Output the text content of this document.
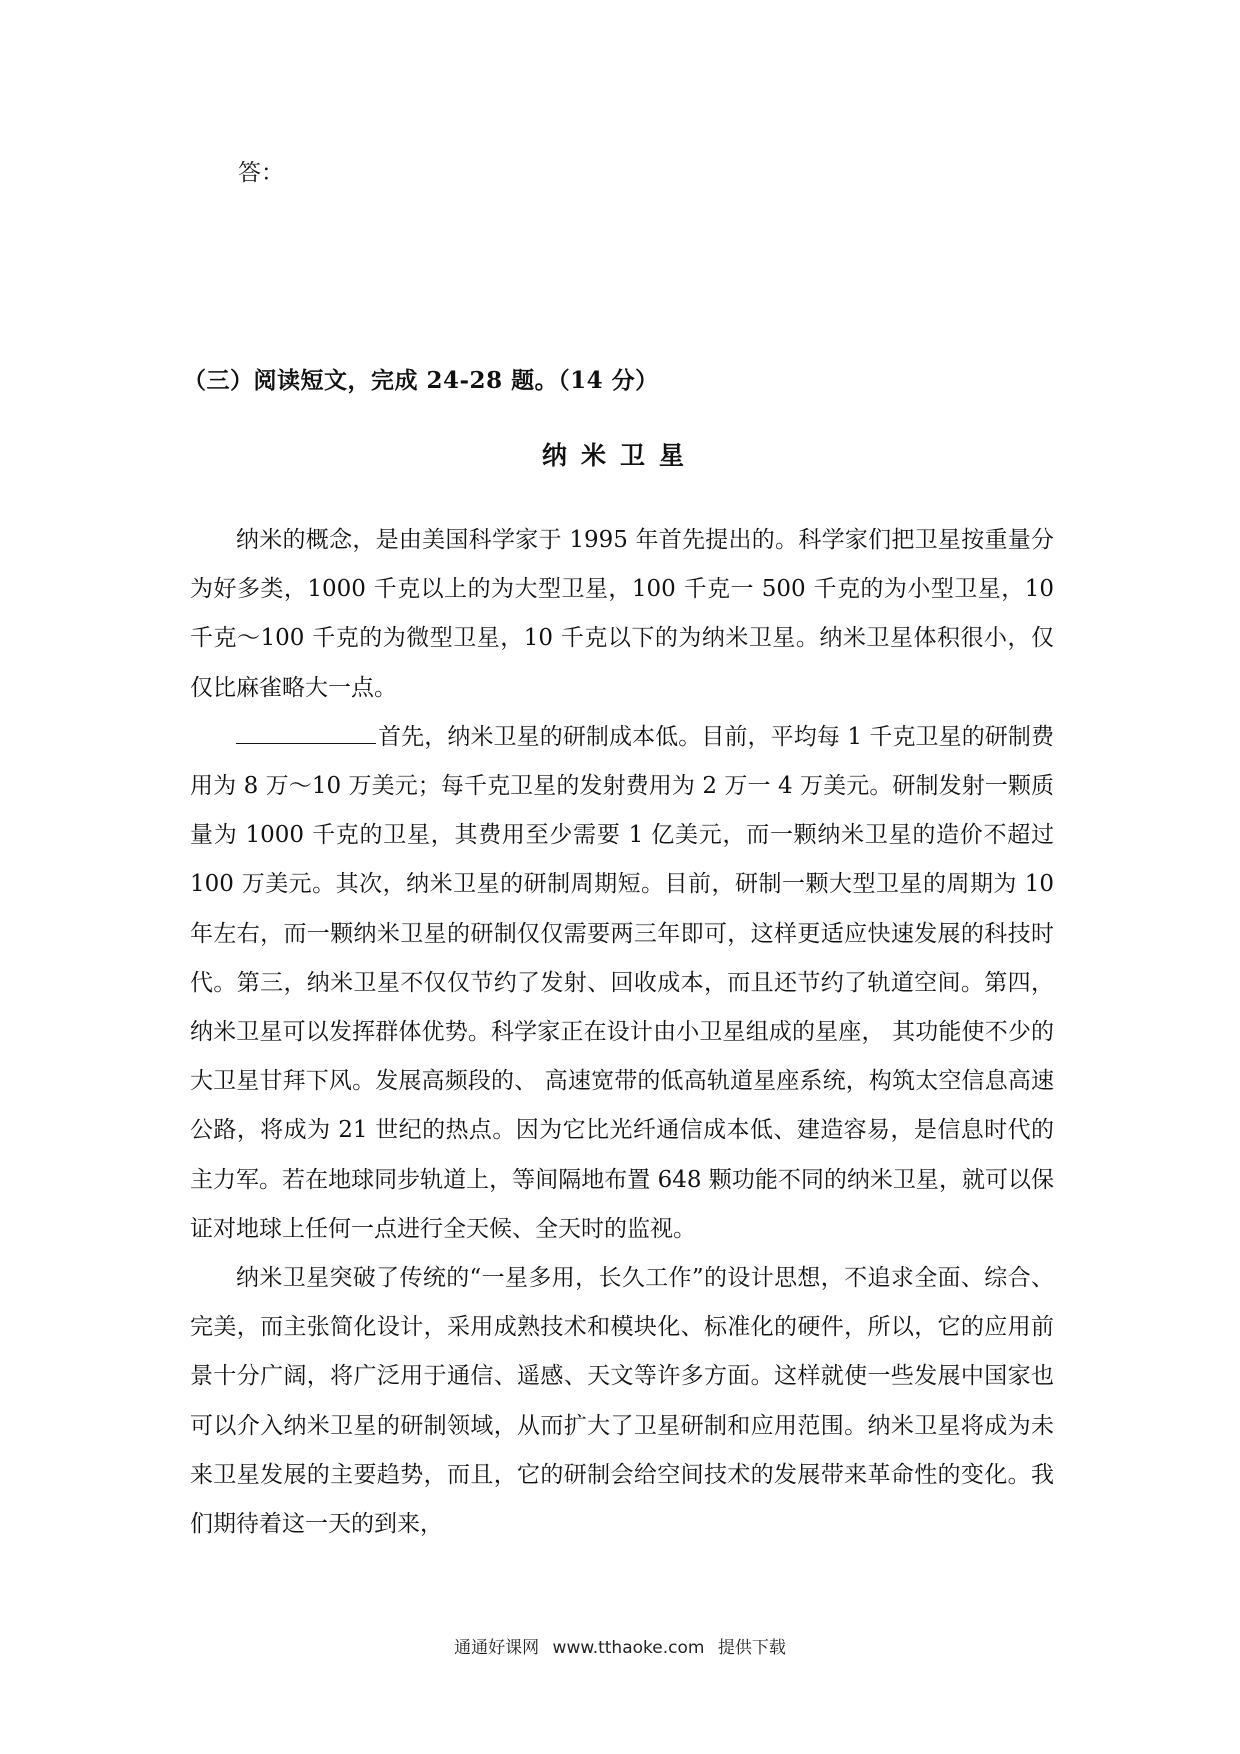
答：
（三）阅读短文，完成 24-28 题。（14 分）
纳米卫星

纳米的概念，是由美国科学家于 1995 年首先提出的。科学家们把卫星按重量分为好多类，1000 千克以上的为大型卫星，100 千克一 500 千克的为小型卫星，10 千克～100 千克的为微型卫星，10 千克以下的为纳米卫星。纳米卫星体积很小，仅仅比麻雀略大一点。

首先，纳米卫星的研制成本低。目前，平均每 1 千克卫星的研制费用为 8 万～10 万美元；每千克卫星的发射费用为 2 万一 4 万美元。研制发射一颗质量为 1000 千克的卫星，其费用至少需要 1 亿美元，而一颗纳米卫星的造价不超过 100 万美元。其次，纳米卫星的研制周期短。目前，研制一颗大型卫星的周期为 10 年左右，而一颗纳米卫星的研制仅仅需要两三年即可，这样更适应快速发展的科技时代。第三，纳米卫星不仅仅节约了发射、回收成本，而且还节约了轨道空间。第四，纳米卫星可以发挥群体优势。科学家正在设计由小卫星组成的星座， 其功能使不少的大卫星甘拜下风。发展高频段的、 高速宽带的低高轨道星座系统，构筑太空信息高速公路，将成为 21 世纪的热点。因为它比光纤通信成本低、建造容易，是信息时代的主力军。若在地球同步轨道上，等间隔地布置 648 颗功能不同的纳米卫星，就可以保证对地球上任何一点进行全天候、全天时的监视。

纳米卫星突破了传统的“一星多用，长久工作”的设计思想，不追求全面、综合、完美，而主张简化设计，采用成熟技术和模块化、标准化的硬件，所以，它的应用前景十分广阔，将广泛用于通信、遥感、天文等许多方面。这样就使一些发展中国家也可以介入纳米卫星的研制领域，从而扩大了卫星研制和应用范围。纳米卫星将成为未来卫星发展的主要趋势，而且，它的研制会给空间技术的发展带来革命性的变化。我们期待着这一天的到来，

通通好课网 www.tthaoke.com 提供下载
